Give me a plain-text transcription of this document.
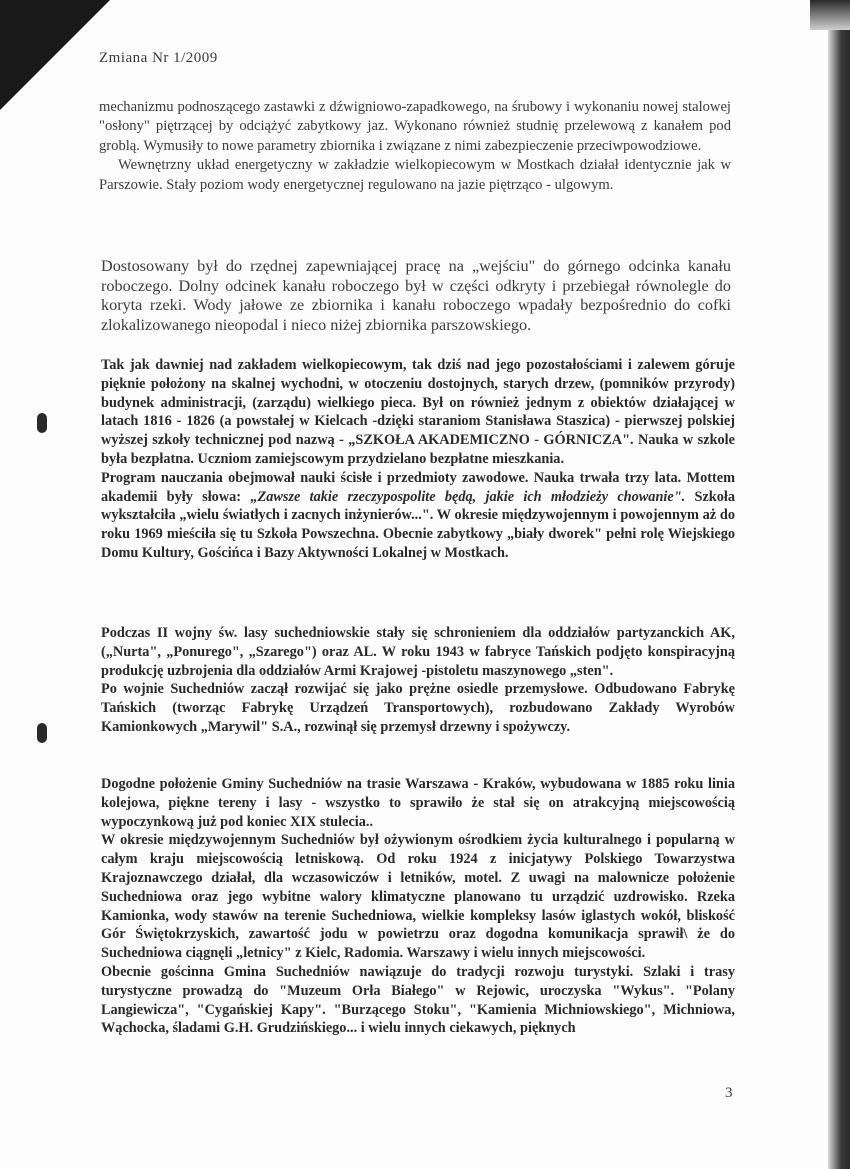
Zmiana Nr 1/2009

mechanizmu podnoszącego zastawki z dźwigniowo-zapadkowego, na śrubowy i wykonaniu nowej stalowej "osłony" piętrzącej by odciążyć zabytkowy jaz. Wykonano również studnię przelewową z kanałem pod groblą. Wymusiły to nowe parametry zbiornika i związane z nimi zabezpieczenie przeciwpowodziowe.

Wewnętrzny układ energetyczny w zakładzie wielkopiecowym w Mostkach działał identycznie jak w Parszowie. Stały poziom wody energetycznej regulowano na jazie piętrząco - ulgowym.

Dostosowany był do rzędnej zapewniającej pracę na „wejściu" do górnego odcinka kanału roboczego. Dolny odcinek kanału roboczego był w części odkryty i przebiegał równolegle do koryta rzeki. Wody jałowe ze zbiornika i kanału roboczego wpadały bezpośrednio do cofki zlokalizowanego nieopodal i nieco niżej zbiornika parszowskiego.

Tak jak dawniej nad zakładem wielkopiecowym, tak dziś nad jego pozostałościami i zalewem góruje pięknie położony na skalnej wychodni, w otoczeniu dostojnych, starych drzew, (pomników przyrody) budynek administracji, (zarządu) wielkiego pieca. Był on również jednym z obiektów działającej w latach 1816 - 1826 (a powstałej w Kielcach -dzięki staraniom Stanisława Staszica) - pierwszej polskiej wyższej szkoły technicznej pod nazwą - „SZKOŁA AKADEMICZNO - GÓRNICZA". Nauka w szkole była bezpłatna. Uczniom zamiejscowym przydzielano bezpłatne mieszkania.

Program nauczania obejmował nauki ścisłe i przedmioty zawodowe. Nauka trwała trzy lata. Mottem akademii były słowa: „Zawsze takie rzeczypospolite będą, jakie ich młodzieży chowanie". Szkoła wykształciła „wielu światłych i zacnych inżynierów...". W okresie międzywojennym i powojennym aż do roku 1969 mieściła się tu Szkoła Powszechna. Obecnie zabytkowy „biały dworek" pełni rolę Wiejskiego Domu Kultury, Gościńca i Bazy Aktywności Lokalnej w Mostkach.

Podczas II wojny św. lasy suchedniowskie stały się schronieniem dla oddziałów partyzanckich AK, („Nurta", „Ponurego", „Szarego") oraz AL. W roku 1943 w fabryce Tańskich podjęto konspiracyjną produkcję uzbrojenia dla oddziałów Armi Krajowej -pistoletu maszynowego „sten".

Po wojnie Suchedniów zaczął rozwijać się jako prężne osiedle przemysłowe. Odbudowano Fabrykę Tańskich (tworząc Fabrykę Urządzeń Transportowych), rozbudowano Zakłady Wyrobów Kamionkowych „Marywil" S.A., rozwinął się przemysł drzewny i spożywczy.

Dogodne położenie Gminy Suchedniów na trasie Warszawa - Kraków, wybudowana w 1885 roku linia kolejowa, piękne tereny i lasy - wszystko to sprawiło że stał się on atrakcyjną miejscowością wypoczynkową już pod koniec XIX stulecia..

W okresie międzywojennym Suchedniów był ożywionym ośrodkiem życia kulturalnego i popularną w całym kraju miejscowością letniskową. Od roku 1924 z inicjatywy Polskiego Towarzystwa Krajoznawczego działał, dla wczasowiczów i letników, motel. Z uwagi na malownicze położenie Suchedniowa oraz jego wybitne walory klimatyczne planowano tu urządzić uzdrowisko. Rzeka Kamionka, wody stawów na terenie Suchedniowa, wielkie kompleksy lasów iglastych wokół, bliskość Gór Świętokrzyskich, zawartość jodu w powietrzu oraz dogodna komunikacja sprawił\ że do Suchedniowa ciągnęli „letnicy" z Kielc, Radomia. Warszawy i wielu innych miejscowości.

Obecnie gościnna Gmina Suchedniów nawiązuje do tradycji rozwoju turystyki. Szlaki i trasy turystyczne prowadzą do "Muzeum Orła Białego" w Rejowic, uroczyska "Wykus". "Polany Langiewicza", "Cygańskiej Kapy". "Burzącego Stoku", "Kamienia Michniowskiego", Michniowa, Wąchocka, śladami G.H. Grudzińskiego... i wielu innych ciekawych, pięknych

3
